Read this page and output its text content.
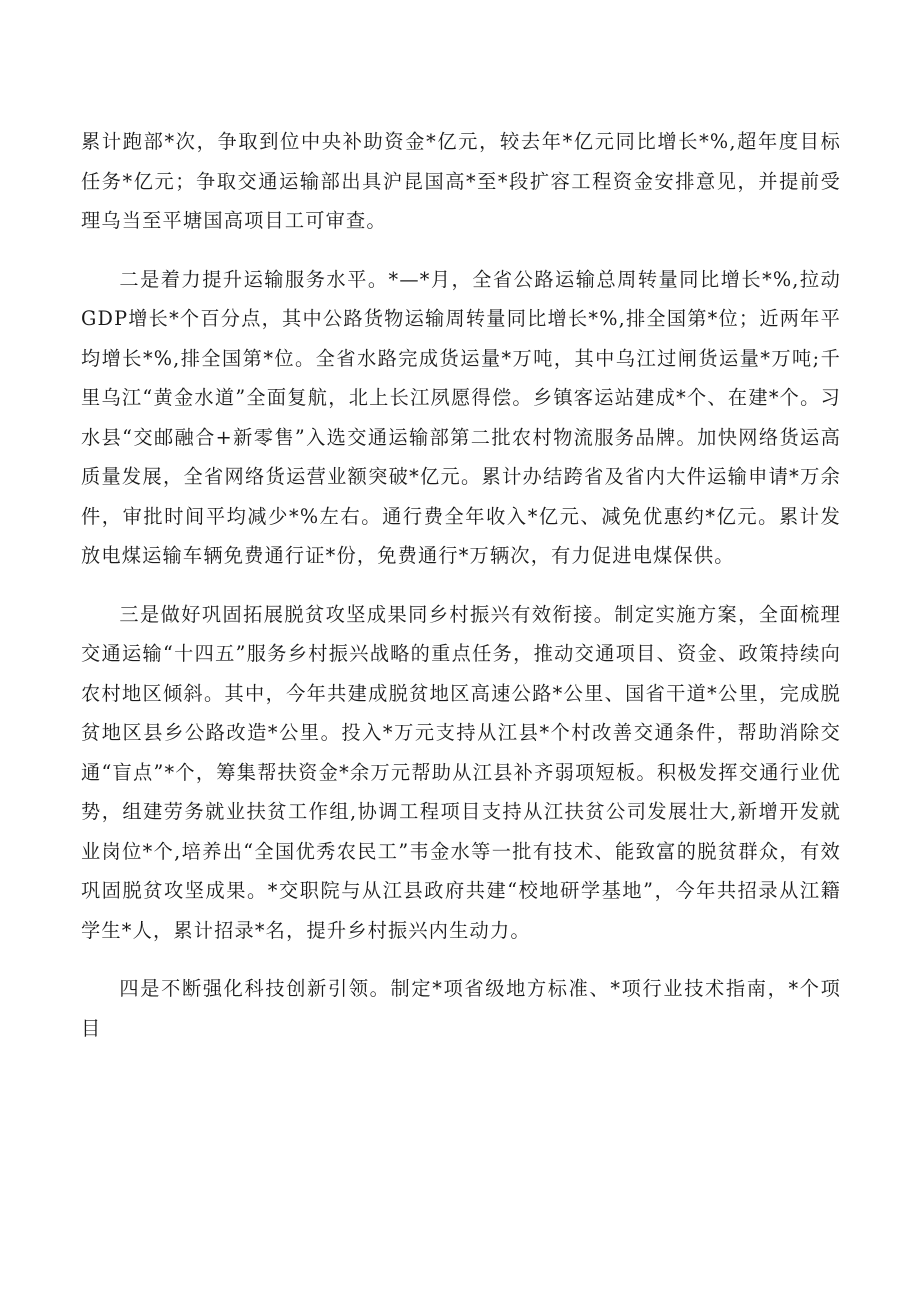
累计跑部*次，争取到位中央补助资金*亿元，较去年*亿元同比增长*%,超年度目标任务*亿元；争取交通运输部出具沪昆国高*至*段扩容工程资金安排意见，并提前受理乌当至平塘国高项目工可审查。

二是着力提升运输服务水平。*—*月，全省公路运输总周转量同比增长*%,拉动GDP增长*个百分点，其中公路货物运输周转量同比增长*%,排全国第*位；近两年平均增长*%,排全国第*位。全省水路完成货运量*万吨，其中乌江过闸货运量*万吨;千里乌江“黄金水道”全面复航，北上长江夙愿得偿。乡镇客运站建成*个、在建*个。习水县“交邮融合+新零售”入选交通运输部第二批农村物流服务品牌。加快网络货运高质量发展，全省网络货运营业额突破*亿元。累计办结跨省及省内大件运输申请*万余件，审批时间平均减少*%左右。通行费全年收入*亿元、减免优惠约*亿元。累计发放电煤运输车辆免费通行证*份，免费通行*万辆次，有力促进电煤保供。

三是做好巩固拓展脱贫攻坚成果同乡村振兴有效衔接。制定实施方案，全面梳理交通运输“十四五”服务乡村振兴战略的重点任务，推动交通项目、资金、政策持续向农村地区倾斜。其中，今年共建成脱贫地区高速公路*公里、国省干道*公里，完成脱贫地区县乡公路改造*公里。投入*万元支持从江县*个村改善交通条件，帮助消除交通“盲点”*个，筹集帮扶资金*余万元帮助从江县补齐弱项短板。积极发挥交通行业优势，组建劳务就业扶贫工作组,协调工程项目支持从江扶贫公司发展壮大,新增开发就业岗位*个,培养出“全国优秀农民工”韦金水等一批有技术、能致富的脱贫群众，有效巩固脱贫攻坚成果。*交职院与从江县政府共建“校地研学基地”，今年共招录从江籍学生*人，累计招录*名，提升乡村振兴内生动力。

四是不断强化科技创新引领。制定*项省级地方标准、*项行业技术指南，*个项目
